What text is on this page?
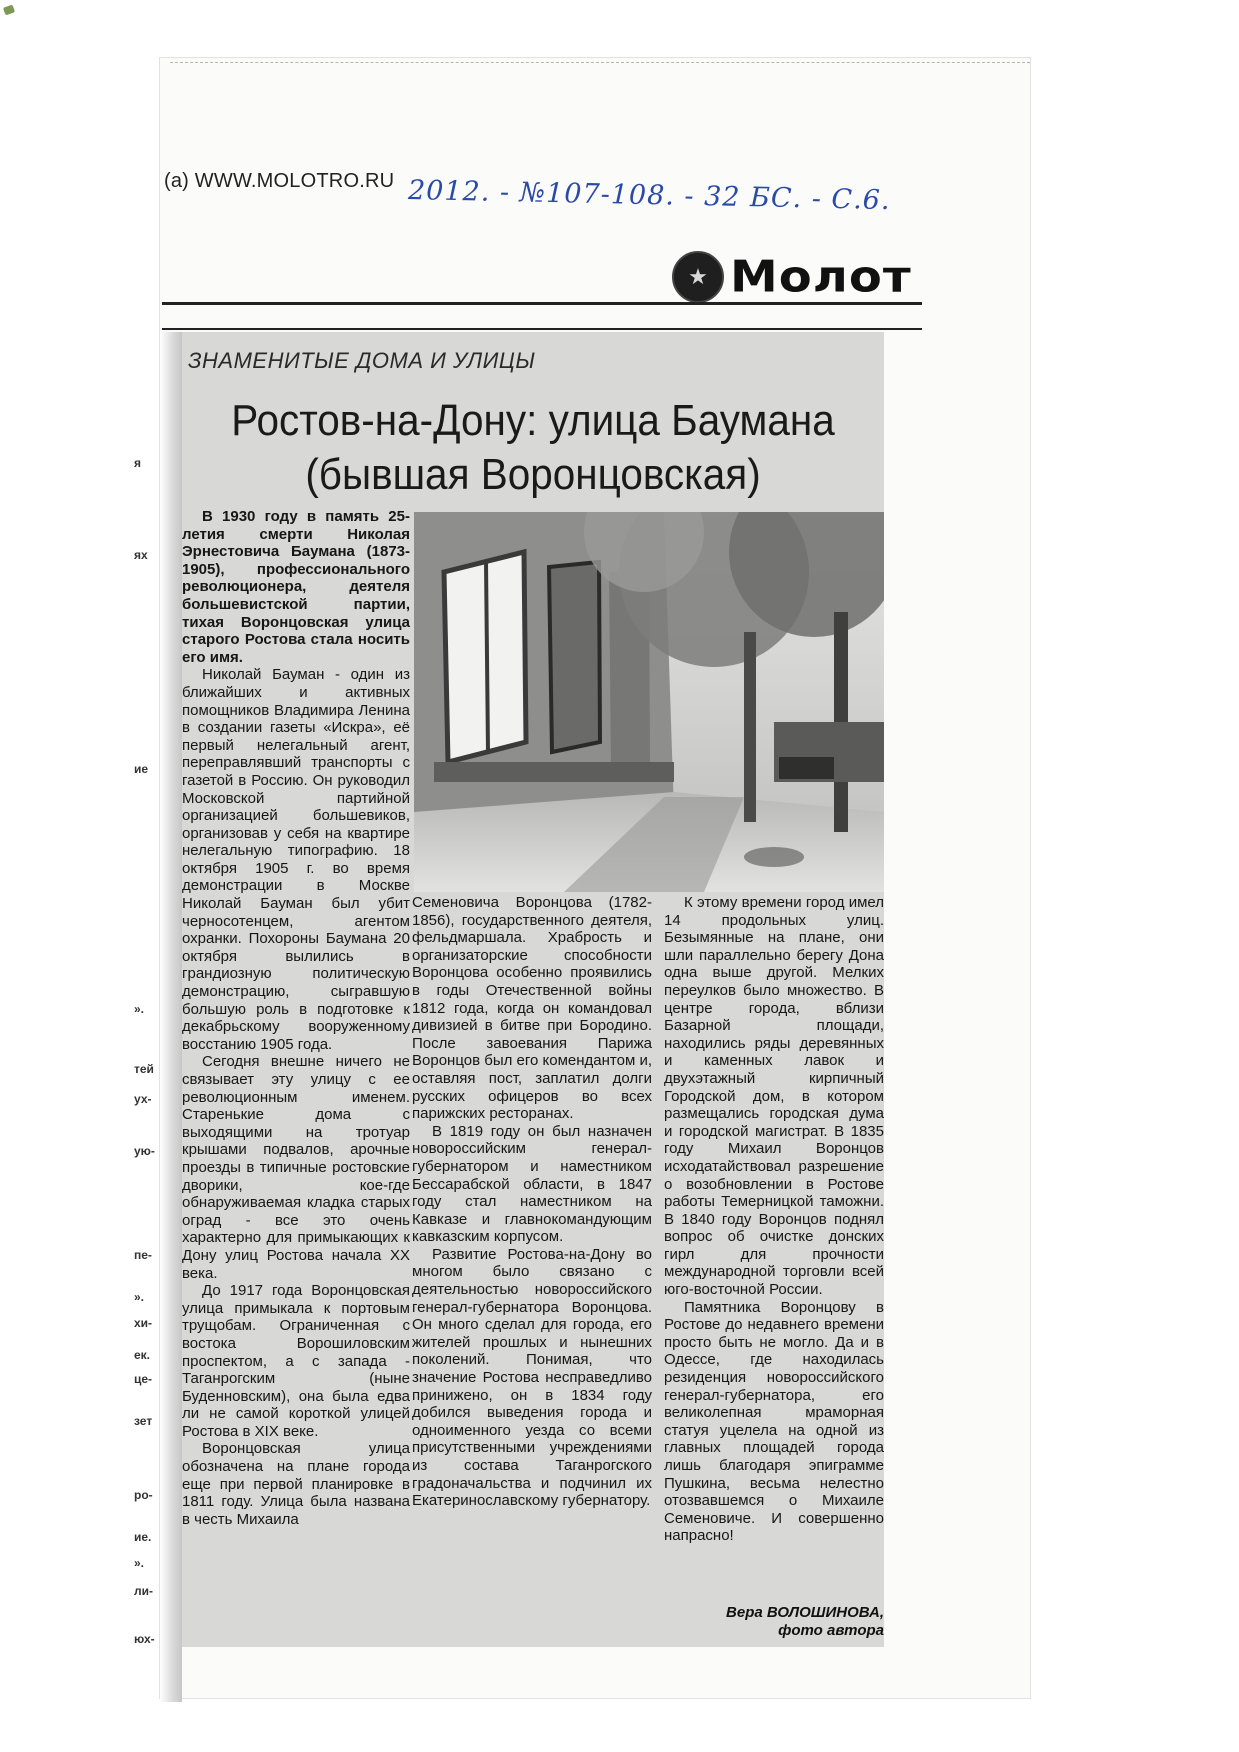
(а) WWW.MOLOTRO.RU 2012. - №107-108. - 32 БС. - С.6.
★ Молот
я
ях
ие
».
тей
ух-
ую-
пе-
».
хи-
ек.
це-
зет
ро-
ие.
».
ли-
юх-
ЗНАМЕНИТЫЕ ДОМА И УЛИЦЫ
Ростов-на-Дону: улица Баумана
(бывшая Воронцовская)

В 1930 году в память 25-летия смерти Николая Эрнестовича Баумана (1873-1905), профессионального революционера, деятеля большевистской партии, тихая Воронцовская улица старого Ростова стала носить его имя.

Николай Бауман - один из ближайших и активных помощников Владимира Ленина в создании газеты «Искра», её первый нелегальный агент, переправлявший транспорты с газетой в Россию. Он руководил Московской партийной организацией большевиков, организовав у себя на квартире нелегальную типографию. 18 октября 1905 г. во время демонстрации в Москве Николай Бауман был убит черносотенцем, агентом охранки. Похороны Баумана 20 октября вылились в грандиозную политическую демонстрацию, сыгравшую большую роль в подготовке к декабрьскому вооруженному восстанию 1905 года.

Сегодня внешне ничего не связывает эту улицу с ее революционным именем. Старенькие дома с выходящими на тротуар крышами подвалов, арочные проезды в типичные ростовские дворики, кое-где обнаруживаемая кладка старых оград - все это очень характерно для примыкающих к Дону улиц Ростова начала XX века.

До 1917 года Воронцовская улица примыкала к портовым трущобам. Ограниченная с востока Ворошиловским проспектом, а с запада - Таганрогским (ныне Буденновским), она была едва ли не самой короткой улицей Ростова в XIX веке.

Воронцовская улица обозначена на плане города еще при первой планировке в 1811 году. Улица была названа в честь Михаила

Семеновича Воронцова (1782-1856), государственного деятеля, фельдмаршала. Храбрость и организаторские способности Воронцова особенно проявились в годы Отечественной войны 1812 года, когда он командовал дивизией в битве при Бородино. После завоевания Парижа Воронцов был его комендантом и, оставляя пост, заплатил долги русских офицеров во всех парижских ресторанах.

В 1819 году он был назначен новороссийским генерал-губернатором и наместником Бессарабской области, в 1847 году стал наместником на Кавказе и главнокомандующим кавказским корпусом.

Развитие Ростова-на-Дону во многом было связано с деятельностью новороссийского генерал-губернатора Воронцова. Он много сделал для города, его жителей прошлых и нынешних поколений. Понимая, что значение Ростова несправедливо принижено, он в 1834 году добился выведения города и одноименного уезда со всеми присутственными учреждениями из состава Таганрогского градоначальства и подчинил их Екатеринославскому губернатору.

К этому времени город имел 14 продольных улиц. Безымянные на плане, они шли параллельно берегу Дона одна выше другой. Мелких переулков было множество. В центре города, вблизи Базарной площади, находились ряды деревянных и каменных лавок и двухэтажный кирпичный Городской дом, в котором размещались городская дума и городской магистрат. В 1835 году Михаил Воронцов исходатайствовал разрешение о возобновлении в Ростове работы Темерницкой таможни. В 1840 году Воронцов поднял вопрос об очистке донских гирл для прочности международной торговли всей юго-восточной России.

Памятника Воронцову в Ростове до недавнего времени просто быть не могло. Да и в Одессе, где находилась резиденция новороссийского генерал-губернатора, его великолепная мраморная статуя уцелела на одной из главных площадей города лишь благодаря эпиграмме Пушкина, весьма нелестно отозвавшемся о Михаиле Семеновиче. И совершенно напрасно!

Вера ВОЛОШИНОВА,
фото автора
